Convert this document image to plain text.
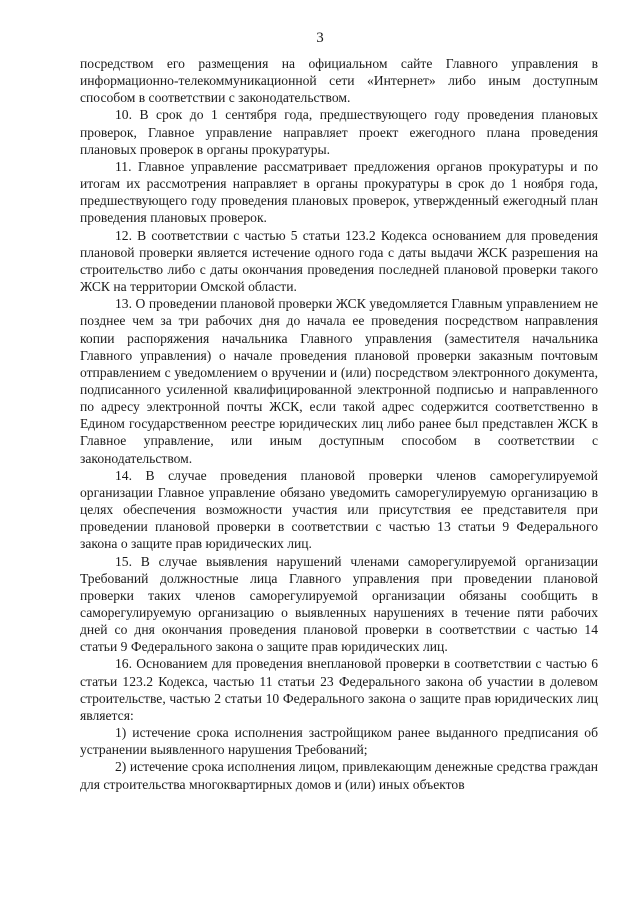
3

посредством его размещения на официальном сайте Главного управления в информационно-телекоммуникационной сети «Интернет» либо иным доступным способом в соответствии с законодательством.

10. В срок до 1 сентября года, предшествующего году проведения плановых проверок, Главное управление направляет проект ежегодного плана проведения плановых проверок в органы прокуратуры.

11. Главное управление рассматривает предложения органов прокуратуры и по итогам их рассмотрения направляет в органы прокуратуры в срок до 1 ноября года, предшествующего году проведения плановых проверок, утвержденный ежегодный план проведения плановых проверок.

12. В соответствии с частью 5 статьи 123.2 Кодекса основанием для проведения плановой проверки является истечение одного года с даты выдачи ЖСК разрешения на строительство либо с даты окончания проведения последней плановой проверки такого ЖСК на территории Омской области.

13. О проведении плановой проверки ЖСК уведомляется Главным управлением не позднее чем за три рабочих дня до начала ее проведения посредством направления копии распоряжения начальника Главного управления (заместителя начальника Главного управления) о начале проведения плановой проверки заказным почтовым отправлением с уведомлением о вручении и (или) посредством электронного документа, подписанного усиленной квалифицированной электронной подписью и направленного по адресу электронной почты ЖСК, если такой адрес содержится соответственно в Едином государственном реестре юридических лиц либо ранее был представлен ЖСК в Главное управление, или иным доступным способом в соответствии с законодательством.

14. В случае проведения плановой проверки членов саморегулируемой организации Главное управление обязано уведомить саморегулируемую организацию в целях обеспечения возможности участия или присутствия ее представителя при проведении плановой проверки в соответствии с частью 13 статьи 9 Федерального закона о защите прав юридических лиц.

15. В случае выявления нарушений членами саморегулируемой организации Требований должностные лица Главного управления при проведении плановой проверки таких членов саморегулируемой организации обязаны сообщить в саморегулируемую организацию о выявленных нарушениях в течение пяти рабочих дней со дня окончания проведения плановой проверки в соответствии с частью 14 статьи 9 Федерального закона о защите прав юридических лиц.

16. Основанием для проведения внеплановой проверки в соответствии с частью 6 статьи 123.2 Кодекса, частью 11 статьи 23 Федерального закона об участии в долевом строительстве, частью 2 статьи 10 Федерального закона о защите прав юридических лиц является:

1) истечение срока исполнения застройщиком ранее выданного предписания об устранении выявленного нарушения Требований;

2) истечение срока исполнения лицом, привлекающим денежные средства граждан для строительства многоквартирных домов и (или) иных объектов
